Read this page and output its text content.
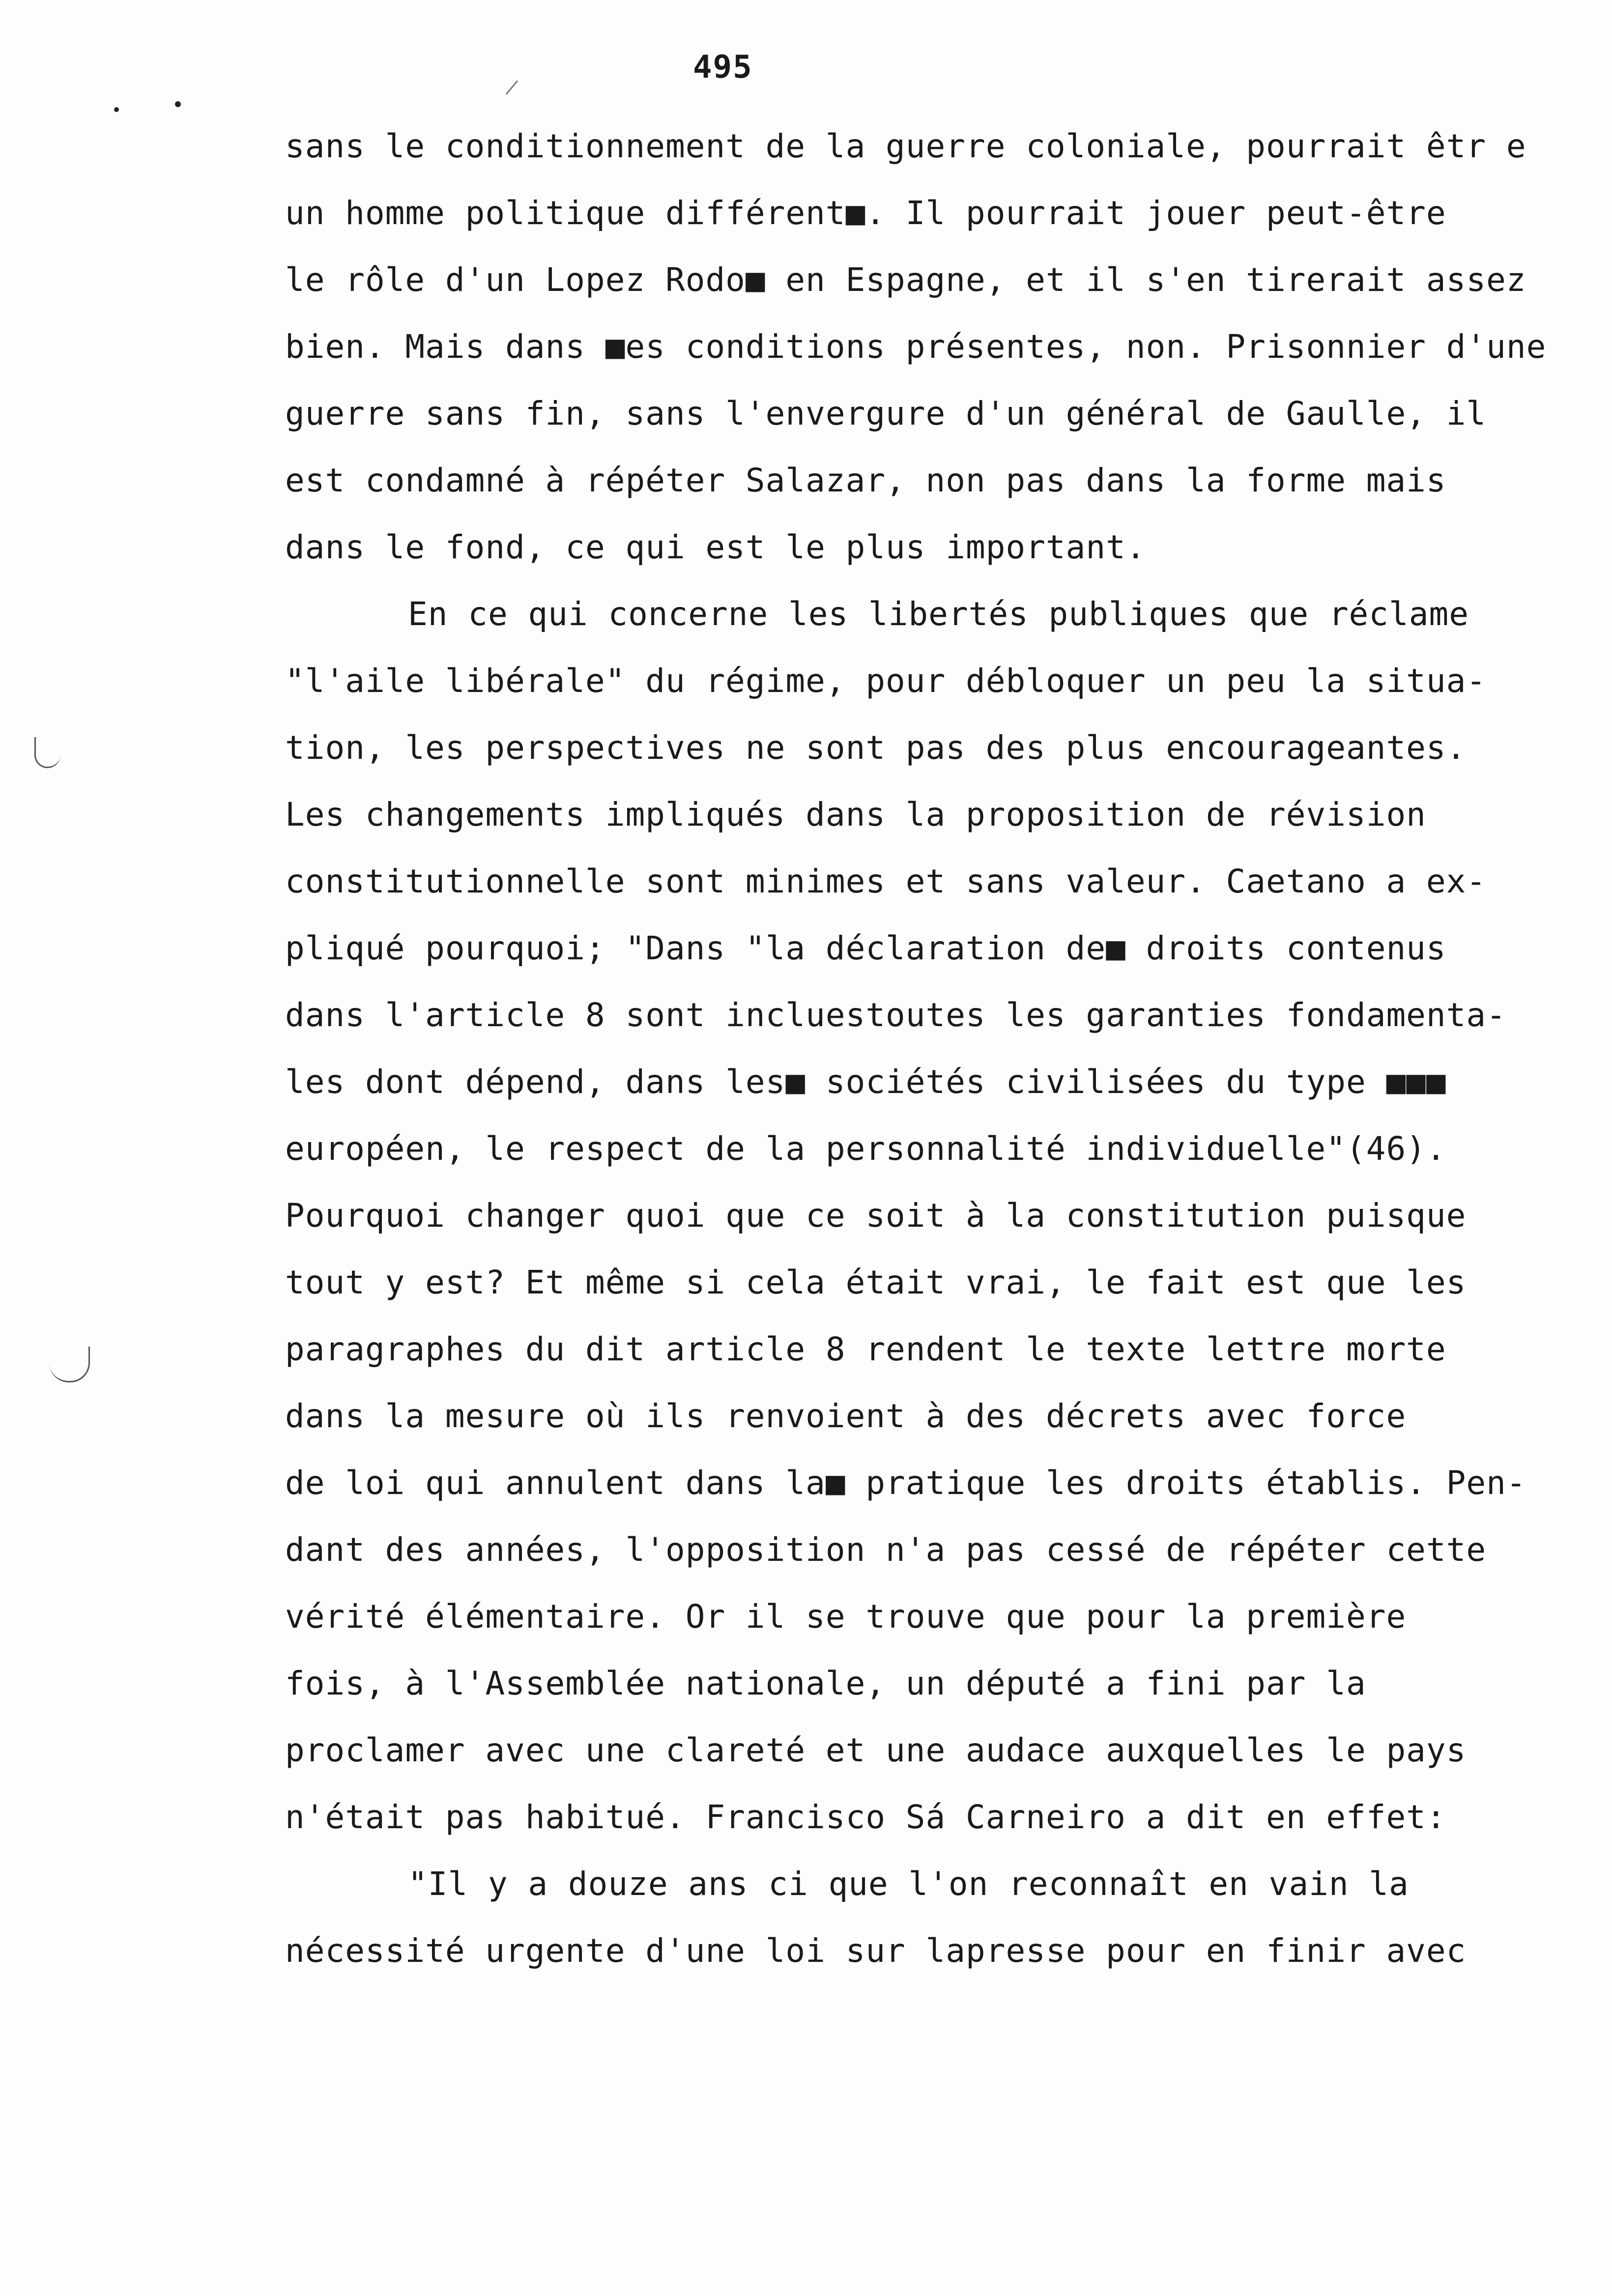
495
sans le conditionnement de la guerre coloniale, pourrait êtr e
un homme politique différent■. Il pourrait jouer peut-être
le rôle d'un Lopez Rodo■ en Espagne, et il s'en tirerait assez
bien. Mais dans ■es conditions présentes, non. Prisonnier d'une
guerre sans fin, sans l'envergure d'un général de Gaulle, il
est condamné à répéter Salazar, non pas dans la forme mais
dans le fond, ce qui est le plus important.
En ce qui concerne les libertés publiques que réclame
"l'aile libérale" du régime, pour débloquer un peu la situa-
tion, les perspectives ne sont pas des plus encourageantes.
Les changements impliqués dans la proposition de révision
constitutionnelle sont minimes et sans valeur. Caetano a ex-
pliqué pourquoi; "Dans "la déclaration de■ droits contenus
dans l'article 8 sont incluestoutes les garanties fondamenta-
les dont dépend, dans les■ sociétés civilisées du type ■■■
européen, le respect de la personnalité individuelle"(46).
Pourquoi changer quoi que ce soit à la constitution puisque
tout y est? Et même si cela était vrai, le fait est que les
paragraphes du dit article 8 rendent le texte lettre morte
dans la mesure où ils renvoient à des décrets avec force
de loi qui annulent dans la■ pratique les droits établis. Pen-
dant des années, l'opposition n'a pas cessé de répéter cette
vérité élémentaire. Or il se trouve que pour la première
fois, à l'Assemblée nationale, un député a fini par la
proclamer avec une clareté et une audace auxquelles le pays
n'était pas habitué. Francisco Sá Carneiro a dit en effet:
"Il y a douze ans ci que l'on reconnaît en vain la
nécessité urgente d'une loi sur lapresse pour en finir avec
